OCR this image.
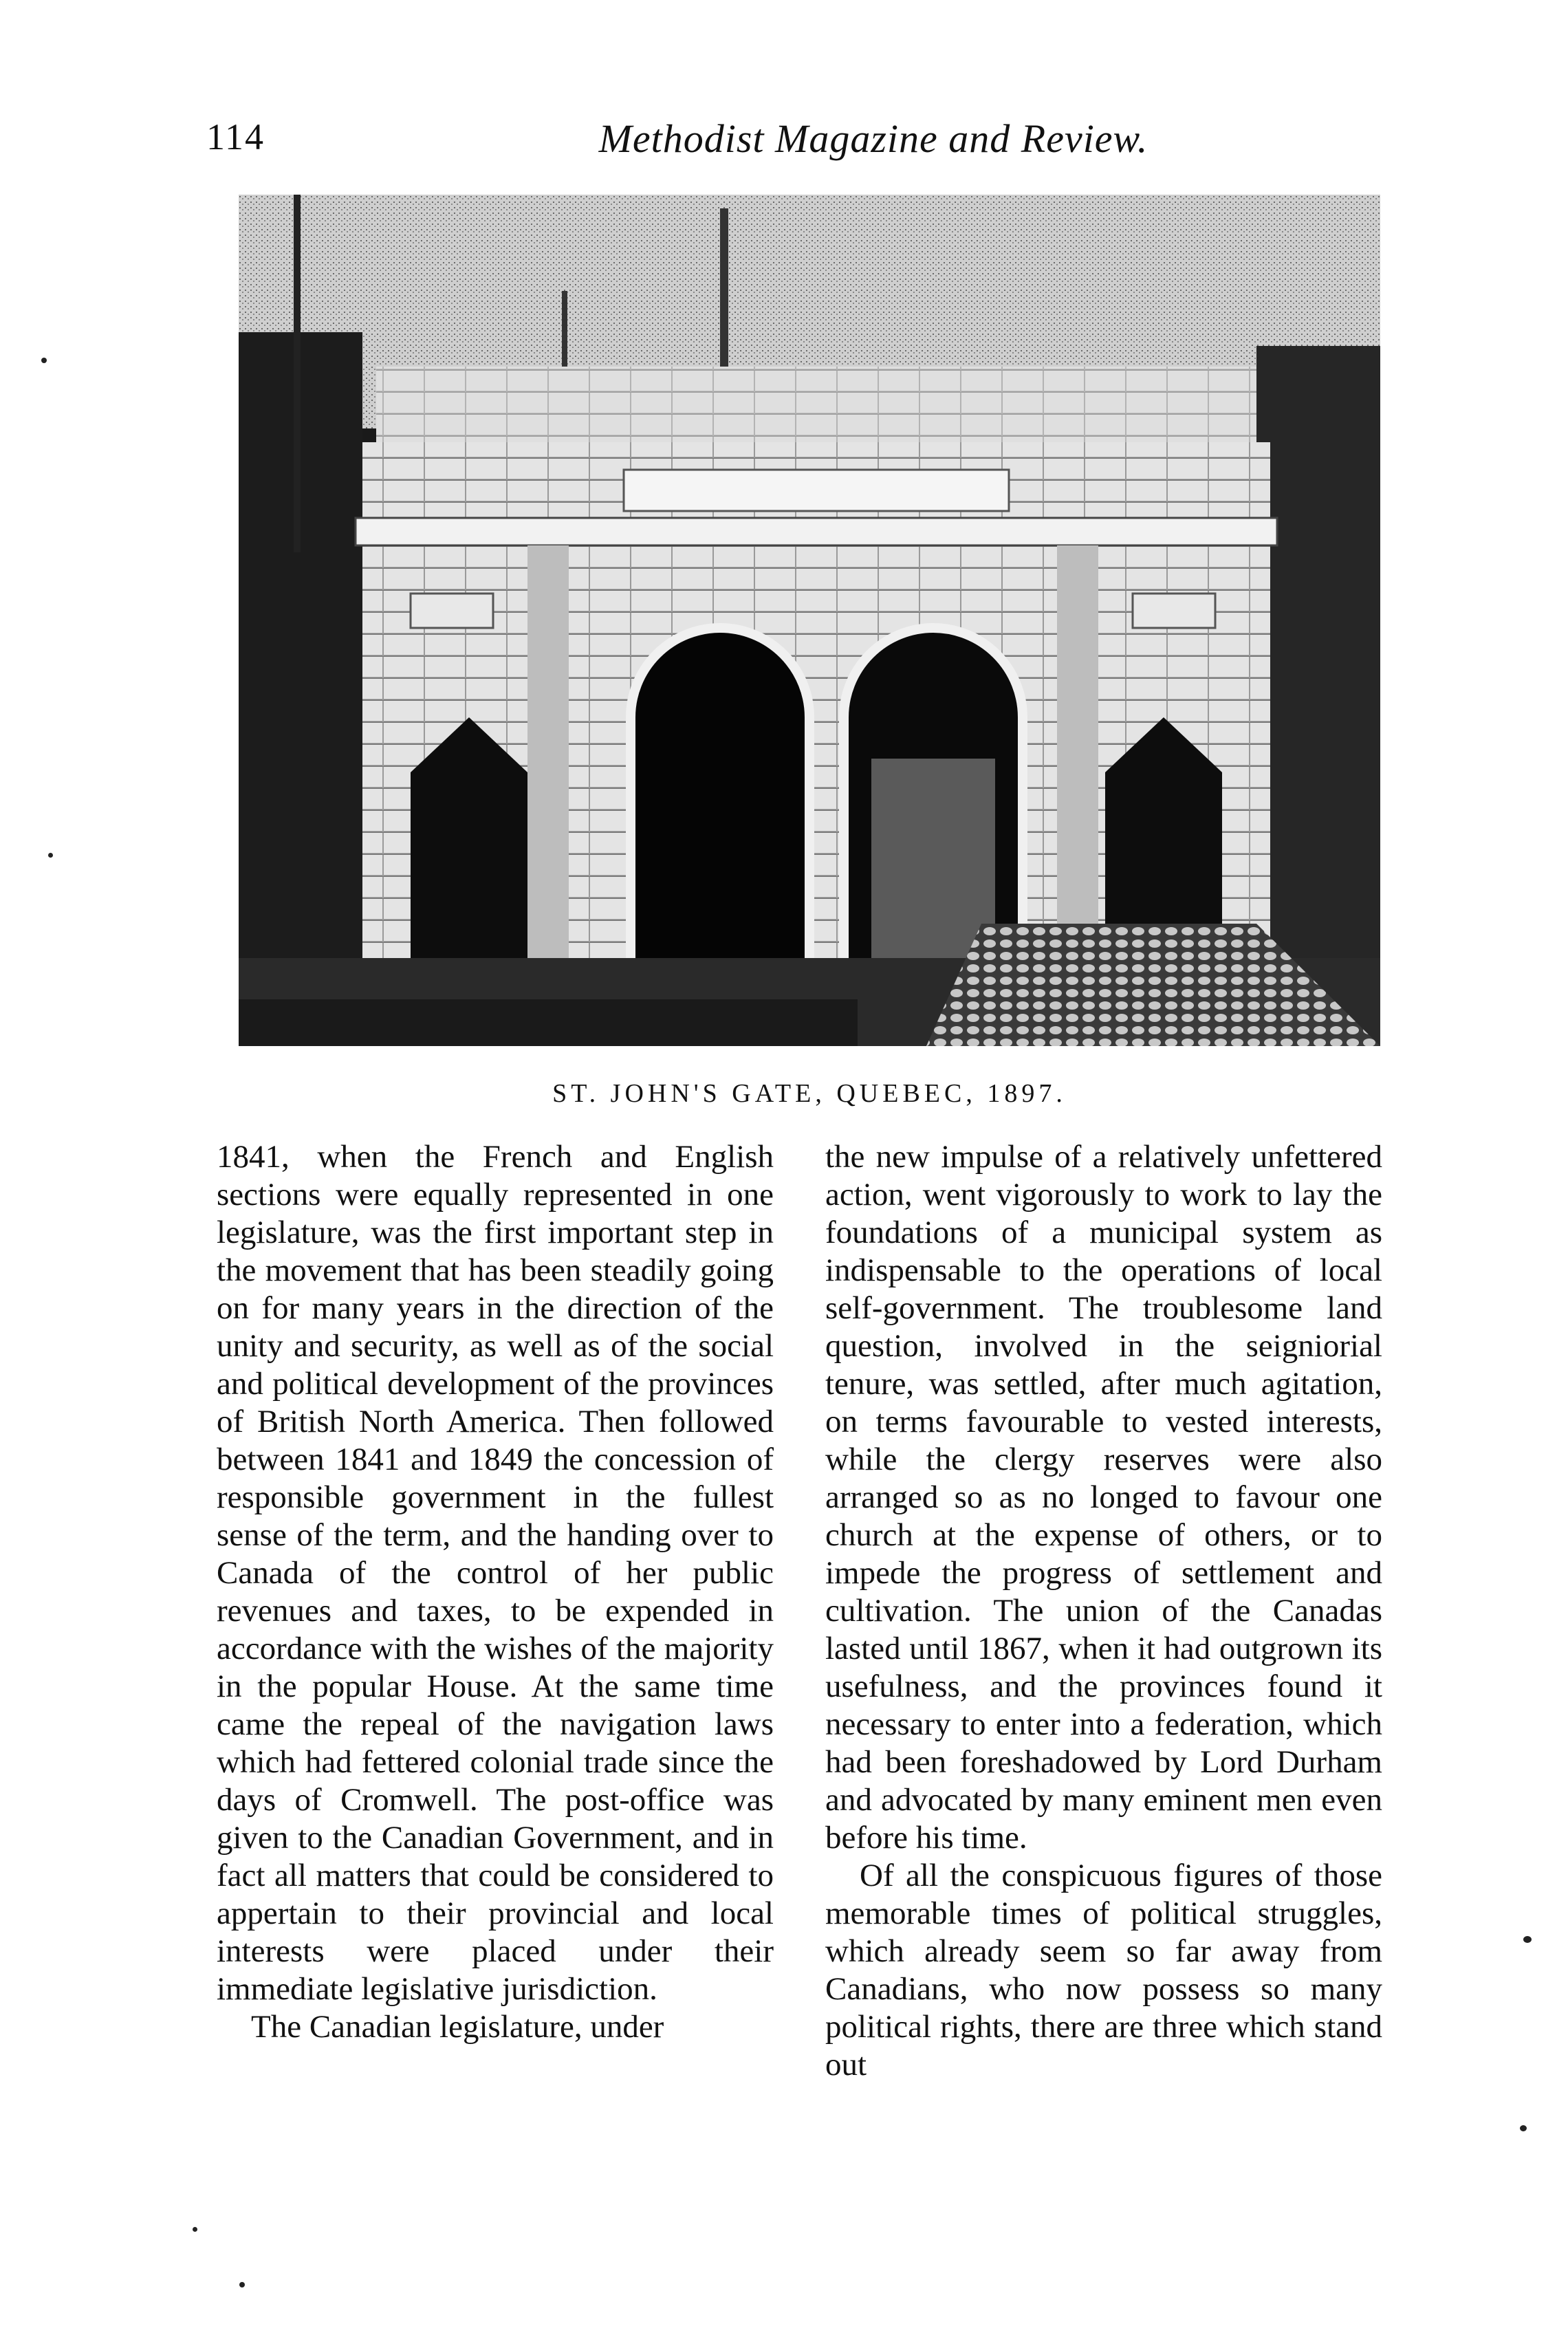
114	Methodist Magazine and Review.
ST. JOHN'S GATE, QUEBEC, 1897.

1841, when the French and English sections were equally represented in one legislature, was the first important step in the movement that has been steadily going on for many years in the direction of the unity and security, as well as of the social and political development of the provinces of British North America. Then followed between 1841 and 1849 the concession of responsible government in the fullest sense of the term, and the handing over to Canada of the control of her public revenues and taxes, to be expended in accordance with the wishes of the majority in the popular House. At the same time came the repeal of the navigation laws which had fettered colonial trade since the days of Cromwell. The post-office was given to the Canadian Government, and in fact all matters that could be considered to appertain to their provincial and local interests were placed under their immediate legislative jurisdiction.

The Canadian legislature, under

the new impulse of a relatively unfettered action, went vigorously to work to lay the foundations of a municipal system as indispensable to the operations of local self-government. The troublesome land question, involved in the seigniorial tenure, was settled, after much agitation, on terms favourable to vested interests, while the clergy reserves were also arranged so as no longed to favour one church at the expense of others, or to impede the progress of settlement and cultivation. The union of the Canadas lasted until 1867, when it had outgrown its usefulness, and the provinces found it necessary to enter into a federation, which had been foreshadowed by Lord Durham and advocated by many eminent men even before his time.

Of all the conspicuous figures of those memorable times of political struggles, which already seem so far away from Canadians, who now possess so many political rights, there are three which stand out
